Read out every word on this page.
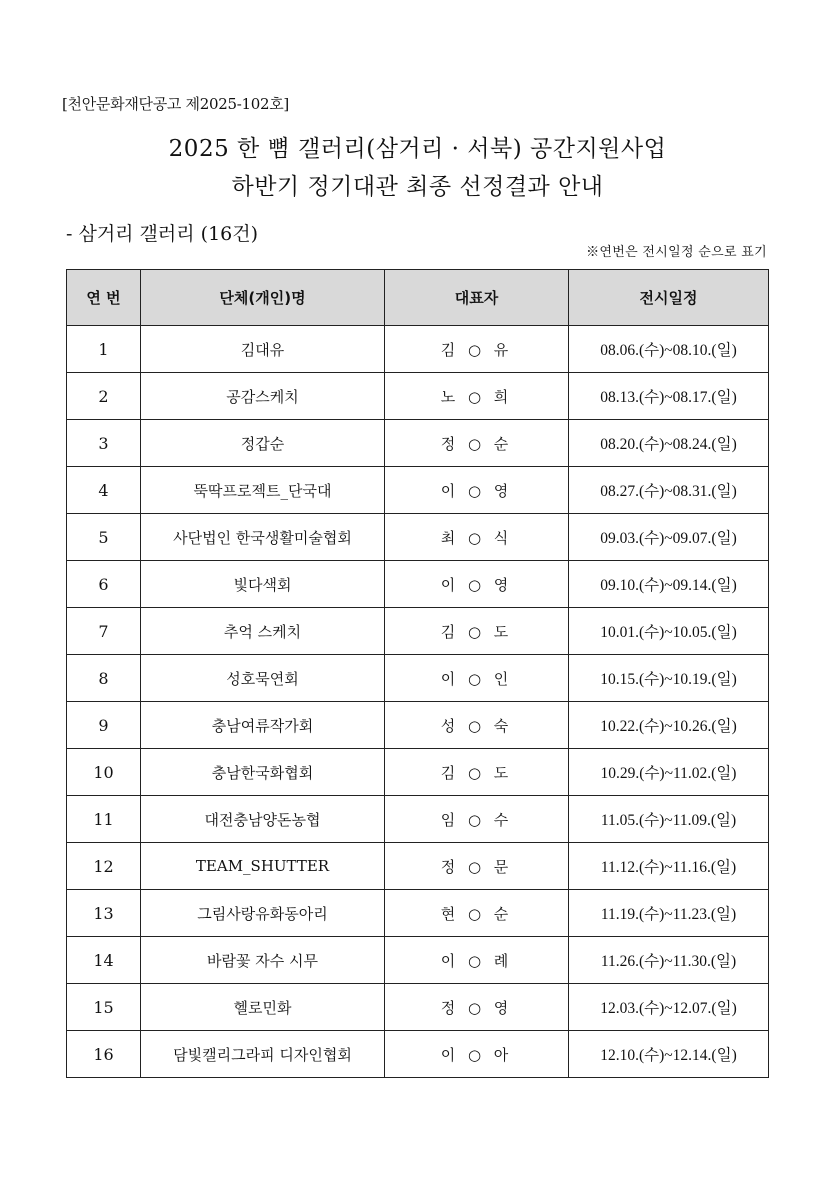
[천안문화재단공고 제2025-102호]
2025 한 뼘 갤러리(삼거리 · 서북) 공간지원사업
하반기 정기대관 최종 선정결과 안내
- 삼거리 갤러리 (16건)
※연번은 전시일정 순으로 표기
연 번	단체(개인)명	대표자	전시일정
1	김대유	김 ○ 유	08.06.(수)~08.10.(일)
2	공감스케치	노 ○ 희	08.13.(수)~08.17.(일)
3	정갑순	정 ○ 순	08.20.(수)~08.24.(일)
4	뚝딱프로젝트_단국대	이 ○ 영	08.27.(수)~08.31.(일)
5	사단법인 한국생활미술협회	최 ○ 식	09.03.(수)~09.07.(일)
6	빛다색회	이 ○ 영	09.10.(수)~09.14.(일)
7	추억 스케치	김 ○ 도	10.01.(수)~10.05.(일)
8	성호묵연회	이 ○ 인	10.15.(수)~10.19.(일)
9	충남여류작가회	성 ○ 숙	10.22.(수)~10.26.(일)
10	충남한국화협회	김 ○ 도	10.29.(수)~11.02.(일)
11	대전충남양돈농협	임 ○ 수	11.05.(수)~11.09.(일)
12	TEAM_SHUTTER	정 ○ 문	11.12.(수)~11.16.(일)
13	그림사랑유화동아리	현 ○ 순	11.19.(수)~11.23.(일)
14	바람꽃 자수 시무	이 ○ 례	11.26.(수)~11.30.(일)
15	헬로민화	정 ○ 영	12.03.(수)~12.07.(일)
16	담빛캘리그라피 디자인협회	이 ○ 아	12.10.(수)~12.14.(일)
